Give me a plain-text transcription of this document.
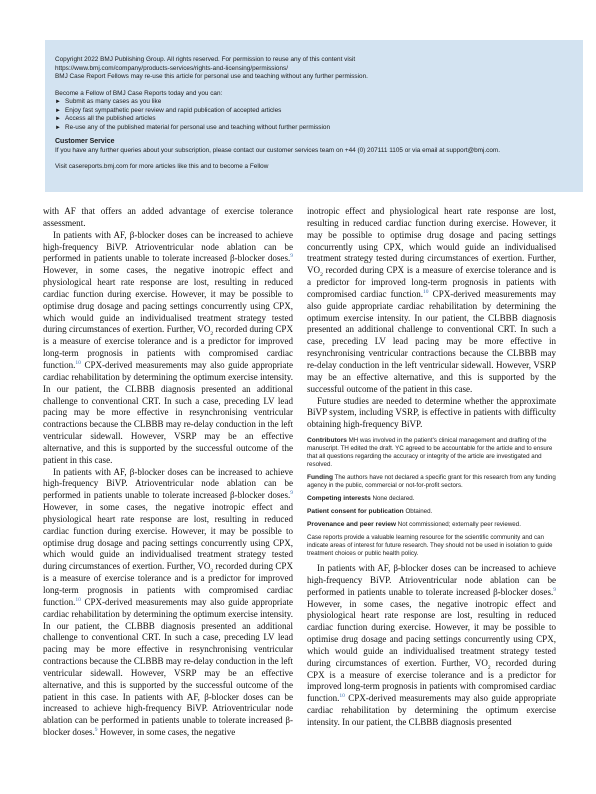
Copyright 2022 BMJ Publishing Group. All rights reserved. For permission to reuse any of this content visit

https://www.bmj.com/company/products-services/rights-and-licensing/permissions/

BMJ Case Report Fellows may re-use this article for personal use and teaching without any further permission.

Become a Fellow of BMJ Case Reports today and you can:

► Submit as many cases as you like
► Enjoy fast sympathetic peer review and rapid publication of accepted articles
► Access all the published articles
► Re-use any of the published material for personal use and teaching without further permission

Customer Service

If you have any further queries about your subscription, please contact our customer services team on +44 (0) 207111 1105 or via email at support@bmj.com.

Visit casereports.bmj.com for more articles like this and to become a Fellow

with AF that offers an added advantage of exercise tolerance assessment.

In patients with AF, β-blocker doses can be increased to achieve high-frequency BiVP. Atrioventricular node ablation can be performed in patients unable to tolerate increased β-blocker doses.$^9$ However, in some cases, the negative inotropic effect and physiological heart rate response are lost, resulting in reduced cardiac function during exercise. However, it may be possible to optimise drug dosage and pacing settings concurrently using CPX, which would guide an individualised treatment strategy tested during circumstances of exertion. Further, $VO_2$ recorded during CPX is a measure of exercise tolerance and is a predictor for improved long-term prognosis in patients with compromised cardiac function.$^{10}$ CPX-derived measurements may also guide appropriate cardiac rehabilitation by determining the optimum exercise intensity. In our patient, the CLBBB diagnosis presented an additional challenge to conventional CRT. In such a case, preceding LV lead pacing may be more effective in resynchronising ventricular contractions because the CLBBB may re-delay conduction in the left ventricular sidewall. However, VSRP may be an effective alternative, and this is supported by the successful outcome of the patient in this case.

In patients with AF, β-blocker doses can be increased to achieve high-frequency BiVP. Atrioventricular node ablation can be performed in patients unable to tolerate increased β-blocker doses.$^9$ However, in some cases, the negative inotropic effect and physiological heart rate response are lost, resulting in reduced cardiac function during exercise. However, it may be possible to optimise drug dosage and pacing settings concurrently using CPX, which would guide an individualised treatment strategy tested during circumstances of exertion. Further, $VO_2$ recorded during CPX is a measure of exercise tolerance and is a predictor for improved long-term prognosis in patients with compromised cardiac function.$^{10}$ CPX-derived measurements may also guide appropriate cardiac rehabilitation by determining the optimum exercise intensity. In our patient, the CLBBB diagnosis presented an additional challenge to conventional CRT. In such a case, preceding LV lead pacing may be more effective in resynchronising ventricular contractions because the CLBBB may re-delay conduction in the left ventricular sidewall. However, VSRP may be an effective alternative, and this is supported by the successful outcome of the patient in this case. In patients with AF, β-blocker doses can be increased to achieve high-frequency BiVP. Atrioventricular node ablation can be performed in patients unable to tolerate increased β-blocker doses.$^9$ However, in some cases, the negative

inotropic effect and physiological heart rate response are lost, resulting in reduced cardiac function during exercise. However, it may be possible to optimise drug dosage and pacing settings concurrently using CPX, which would guide an individualised treatment strategy tested during circumstances of exertion. Further, $VO_2$ recorded during CPX is a measure of exercise tolerance and is a predictor for improved long-term prognosis in patients with compromised cardiac function.$^{10}$ CPX-derived measurements may also guide appropriate cardiac rehabilitation by determining the optimum exercise intensity. In our patient, the CLBBB diagnosis presented an additional challenge to conventional CRT. In such a case, preceding LV lead pacing may be more effective in resynchronising ventricular contractions because the CLBBB may re-delay conduction in the left ventricular sidewall. However, VSRP may be an effective alternative, and this is supported by the successful outcome of the patient in this case.

Future studies are needed to determine whether the approximate BiVP system, including VSRP, is effective in patients with difficulty obtaining high-frequency BiVP.

Contributors MH was involved in the patient's clinical management and drafting of the manuscript. TH edited the draft. YC agreed to be accountable for the article and to ensure that all questions regarding the accuracy or integrity of the article are investigated and resolved.

Funding The authors have not declared a specific grant for this research from any funding agency in the public, commercial or not-for-profit sectors.

Competing interests None declared.

Patient consent for publication Obtained.

Provenance and peer review Not commissioned; externally peer reviewed.

Case reports provide a valuable learning resource for the scientific community and can indicate areas of interest for future research. They should not be used in isolation to guide treatment choices or public health policy.

In patients with AF, β-blocker doses can be increased to achieve high-frequency BiVP. Atrioventricular node ablation can be performed in patients unable to tolerate increased β-blocker doses.$^9$ However, in some cases, the negative inotropic effect and physiological heart rate response are lost, resulting in reduced cardiac function during exercise. However, it may be possible to optimise drug dosage and pacing settings concurrently using CPX, which would guide an individualised treatment strategy tested during circumstances of exertion. Further, $VO_2$ recorded during CPX is a measure of exercise tolerance and is a predictor for improved long-term prognosis in patients with compromised cardiac function.$^{10}$ CPX-derived measurements may also guide appropriate cardiac rehabilitation by determining the optimum exercise intensity. In our patient, the CLBBB diagnosis presented
